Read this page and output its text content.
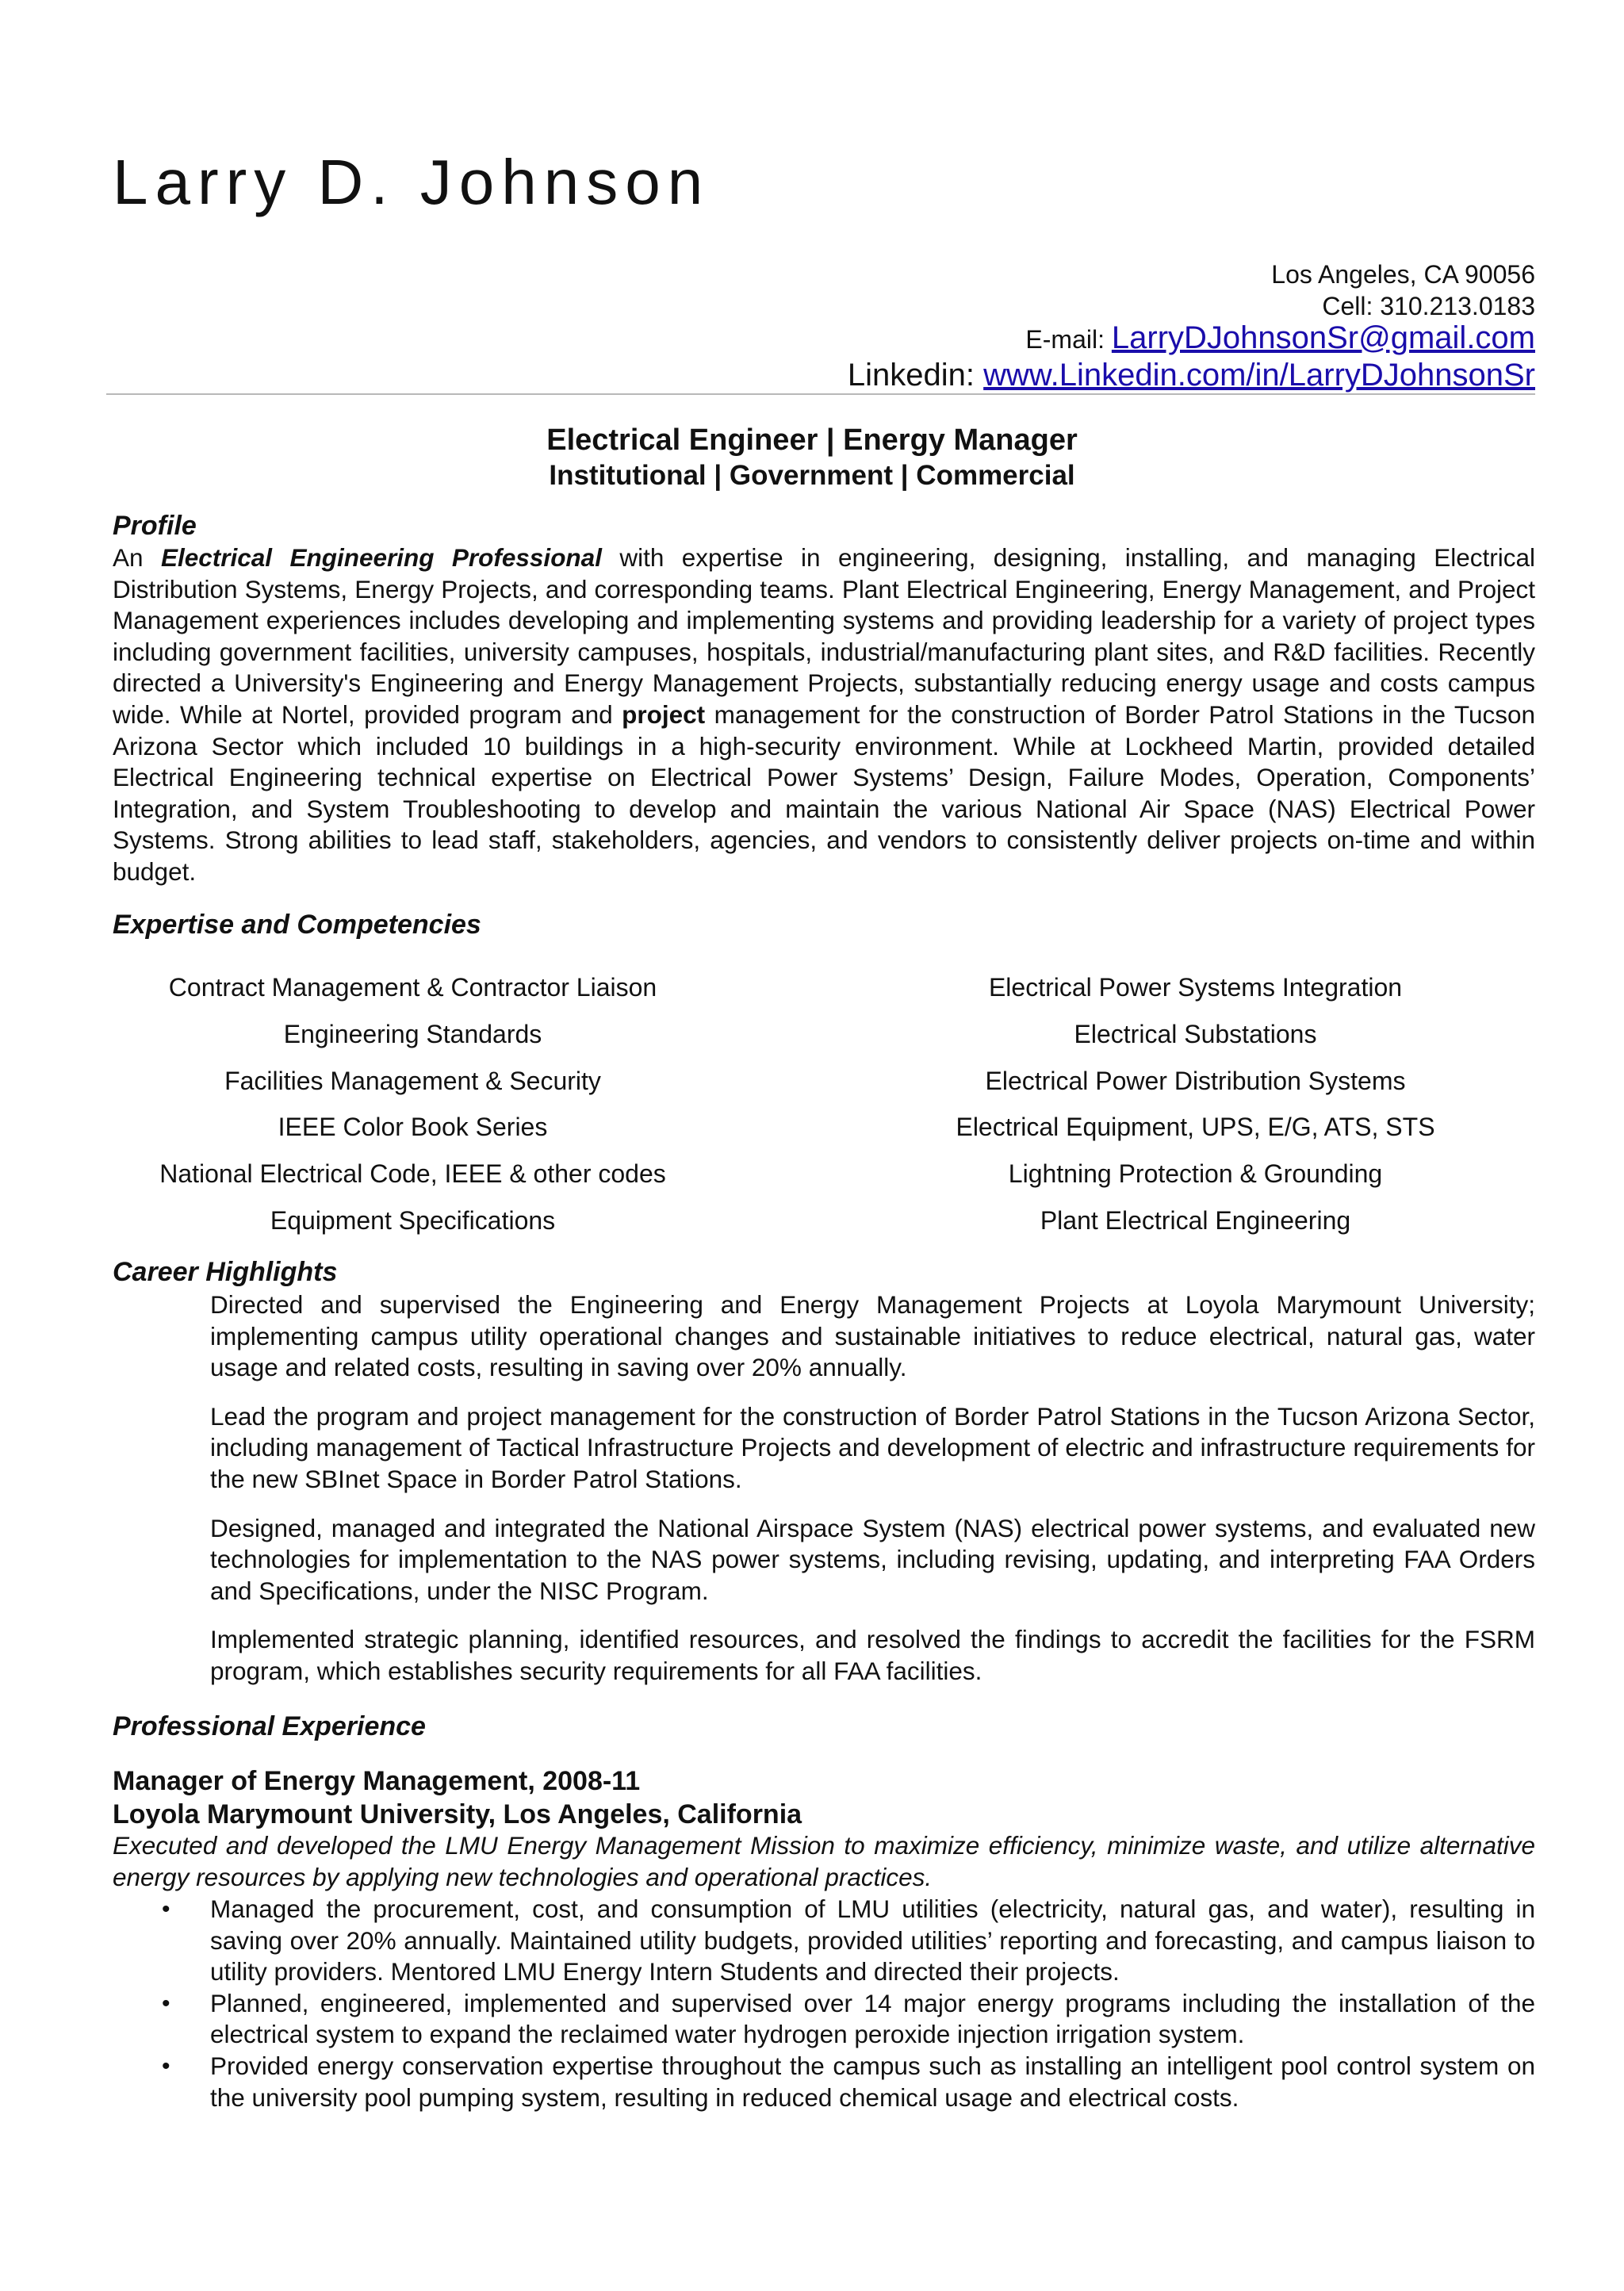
Larry D. Johnson
Los Angeles, CA 90056
Cell: 310.213.0183
E-mail: LarryDJohnsonSr@gmail.com
Linkedin: www.Linkedin.com/in/LarryDJohnsonSr
Electrical Engineer | Energy Manager
Institutional | Government | Commercial
Profile

An Electrical Engineering Professional with expertise in engineering, designing, installing, and managing Electrical Distribution Systems, Energy Projects, and corresponding teams. Plant Electrical Engineering, Energy Management, and Project Management experiences includes developing and implementing systems and providing leadership for a variety of project types including government facilities, university campuses, hospitals, industrial/manufacturing plant sites, and R&D facilities. Recently directed a University's Engineering and Energy Management Projects, substantially reducing energy usage and costs campus wide. While at Nortel, provided program and project management for the construction of Border Patrol Stations in the Tucson Arizona Sector which included 10 buildings in a high-security environment. While at Lockheed Martin, provided detailed Electrical Engineering technical expertise on Electrical Power Systems’ Design, Failure Modes, Operation, Components’ Integration, and System Troubleshooting to develop and maintain the various National Air Space (NAS) Electrical Power Systems. Strong abilities to lead staff, stakeholders, agencies, and vendors to consistently deliver projects on-time and within budget.

Expertise and Competencies
Contract Management & Contractor Liaison
Engineering Standards
Facilities Management & Security
IEEE Color Book Series
National Electrical Code, IEEE & other codes
Equipment Specifications
Electrical Power Systems Integration
Electrical Substations
Electrical Power Distribution Systems
Electrical Equipment, UPS, E/G, ATS, STS
Lightning Protection & Grounding
Plant Electrical Engineering
Career Highlights

Directed and supervised the Engineering and Energy Management Projects at Loyola Marymount University; implementing campus utility operational changes and sustainable initiatives to reduce electrical, natural gas, water usage and related costs, resulting in saving over 20% annually.

Lead the program and project management for the construction of Border Patrol Stations in the Tucson Arizona Sector, including management of Tactical Infrastructure Projects and development of electric and infrastructure requirements for the new SBInet Space in Border Patrol Stations.

Designed, managed and integrated the National Airspace System (NAS) electrical power systems, and evaluated new technologies for implementation to the NAS power systems, including revising, updating, and interpreting FAA Orders and Specifications, under the NISC Program.

Implemented strategic planning, identified resources, and resolved the findings to accredit the facilities for the FSRM program, which establishes security requirements for all FAA facilities.

Professional Experience
Manager of Energy Management, 2008-11
Loyola Marymount University, Los Angeles, California
Executed and developed the LMU Energy Management Mission to maximize efficiency, minimize waste, and utilize alternative energy resources by applying new technologies and operational practices.
• Managed the procurement, cost, and consumption of LMU utilities (electricity, natural gas, and water), resulting in saving over 20% annually. Maintained utility budgets, provided utilities’ reporting and forecasting, and campus liaison to utility providers. Mentored LMU Energy Intern Students and directed their projects.
• Planned, engineered, implemented and supervised over 14 major energy programs including the installation of the electrical system to expand the reclaimed water hydrogen peroxide injection irrigation system.
• Provided energy conservation expertise throughout the campus such as installing an intelligent pool control system on the university pool pumping system, resulting in reduced chemical usage and electrical costs.
